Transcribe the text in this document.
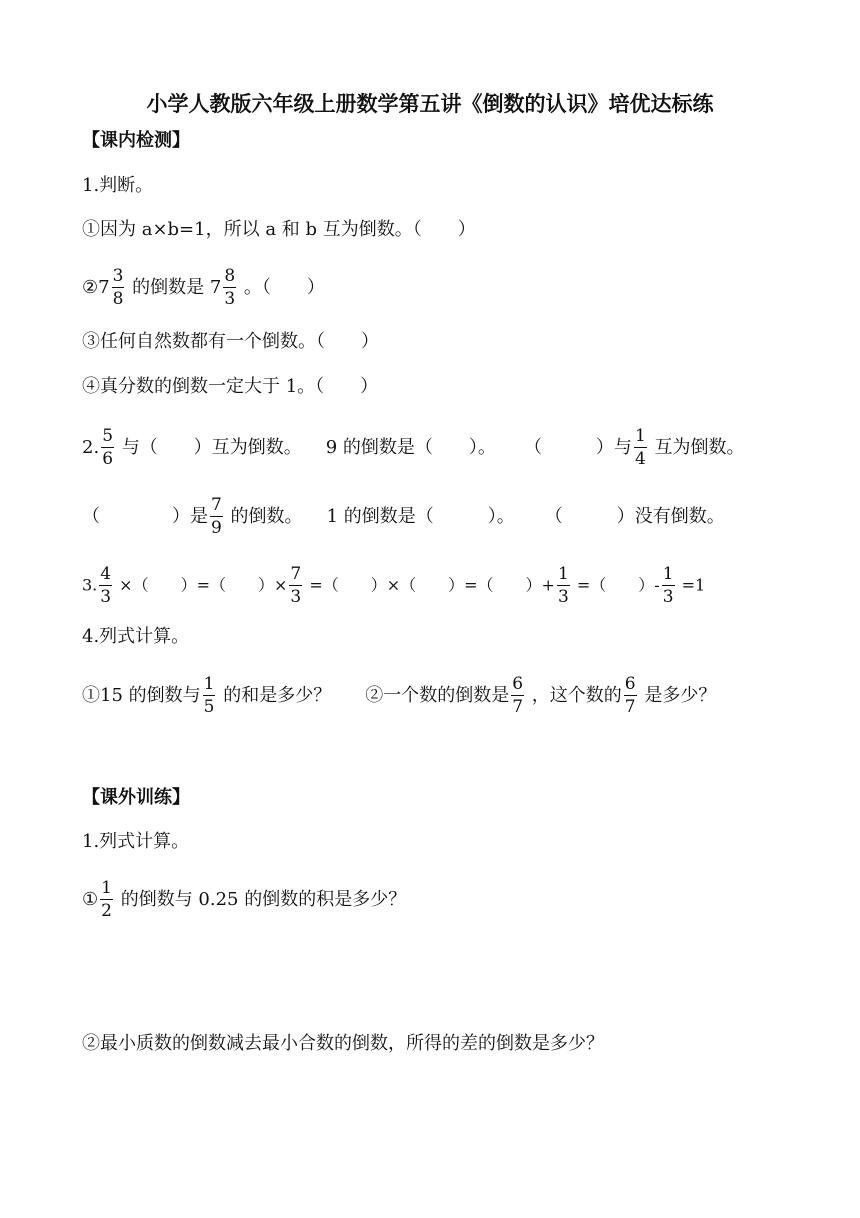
小学人教版六年级上册数学第五讲《倒数的认识》培优达标练
【课内检测】
1.判断。
①因为 a×b=1，所以 a 和 b 互为倒数。（　　）
②7 $\frac{3}{8}$ 的倒数是 $7 \frac{8}{3}$ 。（　　）
③任何自然数都有一个倒数。（　　）
④真分数的倒数一定大于 1。（　　）
2. $\frac{5}{6}$ 与（　　）互为倒数。 9 的倒数是（　　）。 （　　　）与 $\frac{1}{4}$ 互为倒数。
（　　　　）是 $\frac{7}{9}$ 的倒数。 1 的倒数是（　　　）。 （　　　）没有倒数。
3. $\frac{4}{3}$ ×（　　）=（　　）× $\frac{7}{3}$ =（　　）×（　　）=（　　）+ $\frac{1}{3}$ =（　　）- $\frac{1}{3} =1$
4.列式计算。
①15 的倒数与 $\frac{1}{5}$ 的和是多少？ ②一个数的倒数是 $\frac{6}{7}$ ，这个数的 $\frac{6}{7}$ 是多少？
【课外训练】
1.列式计算。
① $\frac{1}{2}$ 的倒数与 0.25 的倒数的积是多少？
②最小质数的倒数减去最小合数的倒数，所得的差的倒数是多少？
